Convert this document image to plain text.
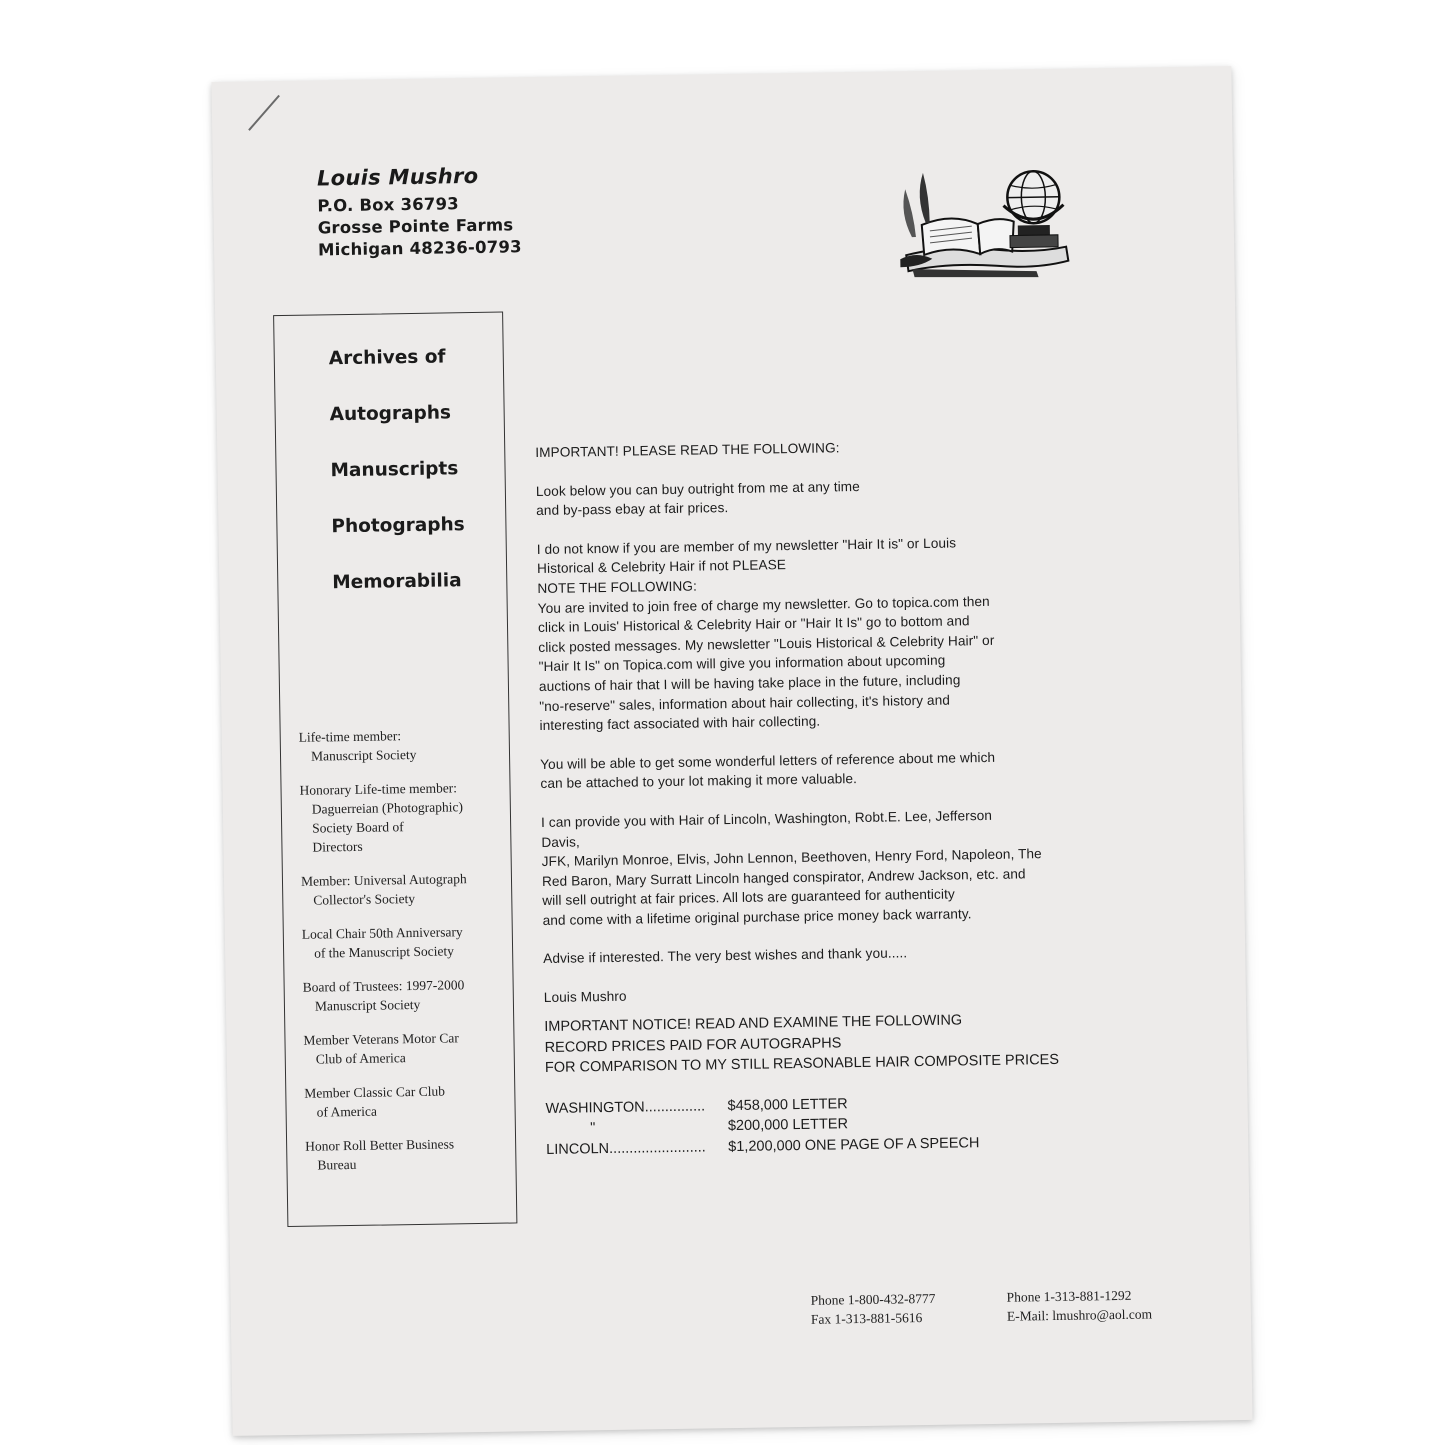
Louis Mushro
P.O. Box 36793
Grosse Pointe Farms
Michigan 48236-0793
Archives of
Autographs
Manuscripts
Photographs
Memorabilia
Life-time member:
Manuscript Society
Honorary Life-time member:
Daguerreian (Photographic)
Society Board of
Directors
Member: Universal Autograph
Collector's Society
Local Chair 50th Anniversary
of the Manuscript Society
Board of Trustees: 1997-2000
Manuscript Society
Member Veterans Motor Car
Club of America
Member Classic Car Club
of America
Honor Roll Better Business
Bureau

IMPORTANT! PLEASE READ THE FOLLOWING:

Look below you can buy outright from me at any time
and by-pass ebay at fair prices.

I do not know if you are member of my newsletter "Hair It is" or Louis
Historical & Celebrity Hair if not PLEASE
NOTE THE FOLLOWING:
You are invited to join free of charge my newsletter. Go to topica.com then
click in Louis' Historical & Celebrity Hair or "Hair It Is" go to bottom and
click posted messages. My newsletter "Louis Historical & Celebrity Hair" or
"Hair It Is" on Topica.com will give you information about upcoming
auctions of hair that I will be having take place in the future, including
"no-reserve" sales, information about hair collecting, it's history and
interesting fact associated with hair collecting.

You will be able to get some wonderful letters of reference about me which
can be attached to your lot making it more valuable.

I can provide you with Hair of Lincoln, Washington, Robt.E. Lee, Jefferson
Davis,
JFK, Marilyn Monroe, Elvis, John Lennon, Beethoven, Henry Ford, Napoleon, The
Red Baron, Mary Surratt Lincoln hanged conspirator, Andrew Jackson, etc. and
will sell outright at fair prices. All lots are guaranteed for authenticity
and come with a lifetime original purchase price money back warranty.

Advise if interested. The very best wishes and thank you.....

Louis Mushro

IMPORTANT NOTICE! READ AND EXAMINE THE FOLLOWING
RECORD PRICES PAID FOR AUTOGRAPHS
FOR COMPARISON TO MY STILL REASONABLE HAIR COMPOSITE PRICES
WASHINGTON...............	$458,000 LETTER
"	$200,000 LETTER
LINCOLN........................	$1,200,000 ONE PAGE OF A SPEECH
Phone 1-800-432-8777
Fax 1-313-881-5616
Phone 1-313-881-1292
E-Mail: lmushro@aol.com
